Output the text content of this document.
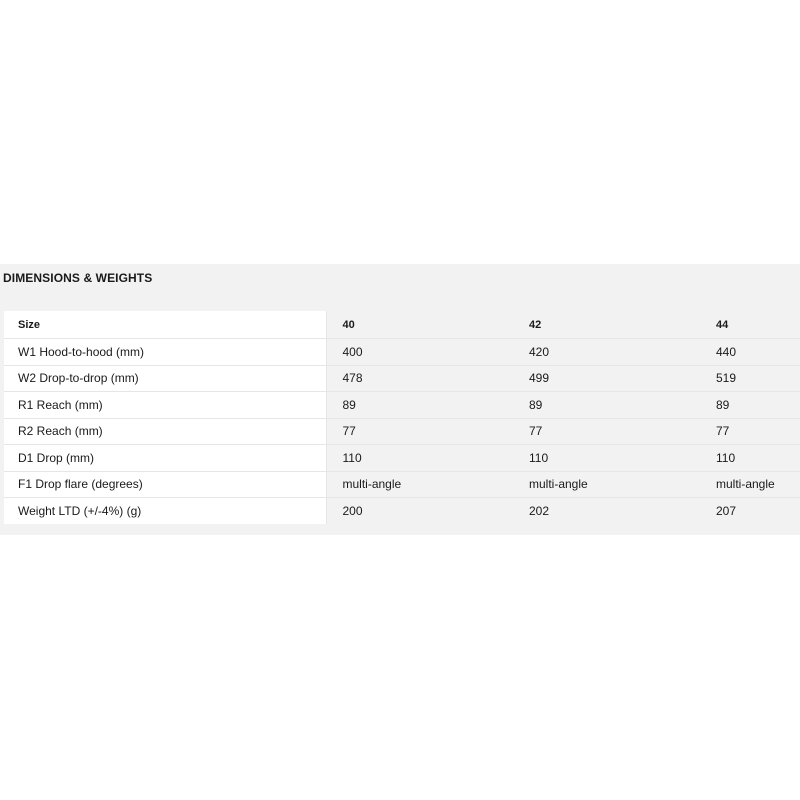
DIMENSIONS & WEIGHTS
Size	40	42	44
W1 Hood-to-hood (mm)	400	420	440
W2 Drop-to-drop (mm)	478	499	519
R1 Reach (mm)	89	89	89
R2 Reach (mm)	77	77	77
D1 Drop (mm)	110	110	110
F1 Drop flare (degrees)	multi-angle	multi-angle	multi-angle
Weight LTD (+/-4%) (g)	200	202	207
